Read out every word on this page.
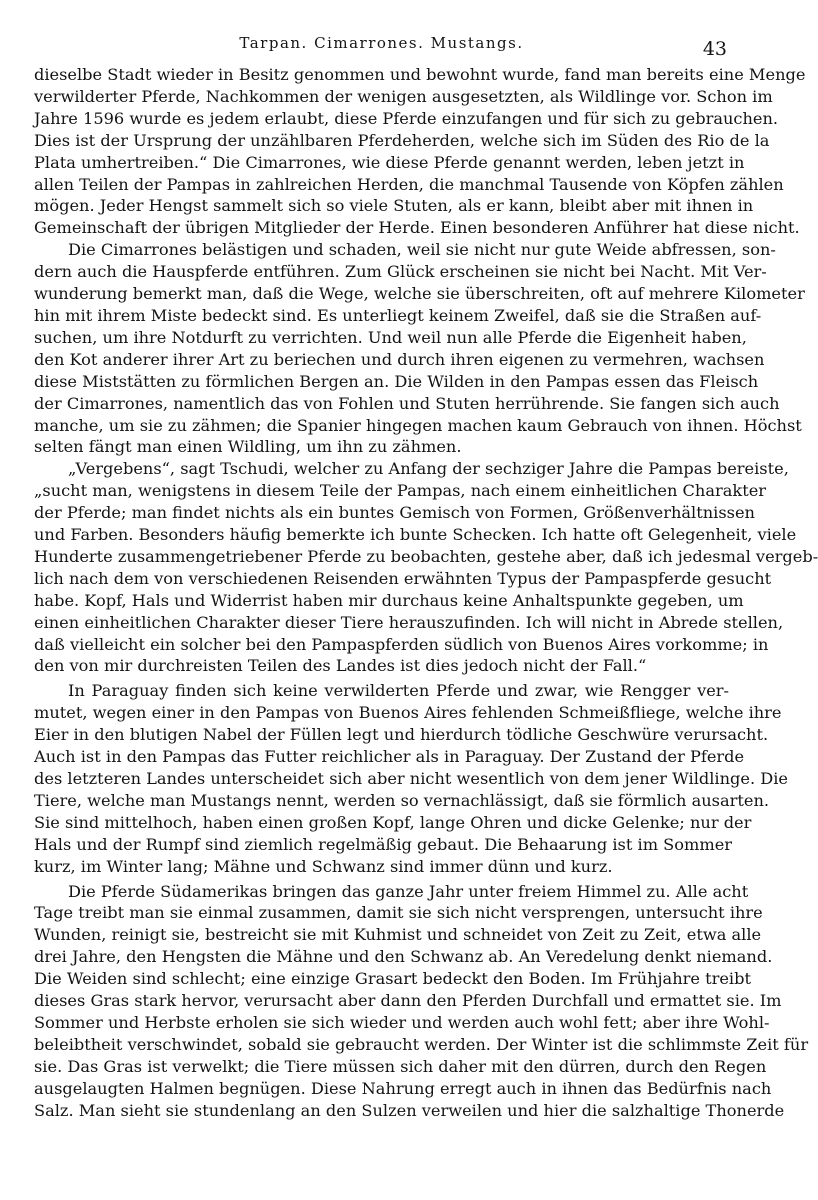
Tarpan. Cimarrones. Mustangs.	43
dieselbe Stadt wieder in Besitz genommen und bewohnt wurde, fand man bereits eine Menge
verwilderter Pferde, Nachkommen der wenigen ausgesetzten, als Wildlinge vor. Schon im
Jahre 1596 wurde es jedem erlaubt, diese Pferde einzufangen und für sich zu gebrauchen.
Dies ist der Ursprung der unzählbaren Pferdeherden, welche sich im Süden des Rio de la
Plata umhertreiben.“ Die Cimarrones, wie diese Pferde genannt werden, leben jetzt in
allen Teilen der Pampas in zahlreichen Herden, die manchmal Tausende von Köpfen zählen
mögen. Jeder Hengst sammelt sich so viele Stuten, als er kann, bleibt aber mit ihnen in
Gemeinschaft der übrigen Mitglieder der Herde. Einen besonderen Anführer hat diese nicht.
Die Cimarrones belästigen und schaden, weil sie nicht nur gute Weide abfressen, son-
dern auch die Hauspferde entführen. Zum Glück erscheinen sie nicht bei Nacht. Mit Ver-
wunderung bemerkt man, daß die Wege, welche sie überschreiten, oft auf mehrere Kilometer
hin mit ihrem Miste bedeckt sind. Es unterliegt keinem Zweifel, daß sie die Straßen auf-
suchen, um ihre Notdurft zu verrichten. Und weil nun alle Pferde die Eigenheit haben,
den Kot anderer ihrer Art zu beriechen und durch ihren eigenen zu vermehren, wachsen
diese Miststätten zu förmlichen Bergen an. Die Wilden in den Pampas essen das Fleisch
der Cimarrones, namentlich das von Fohlen und Stuten herrührende. Sie fangen sich auch
manche, um sie zu zähmen; die Spanier hingegen machen kaum Gebrauch von ihnen. Höchst
selten fängt man einen Wildling, um ihn zu zähmen.
„Vergebens“, sagt Tschudi, welcher zu Anfang der sechziger Jahre die Pampas bereiste,
„sucht man, wenigstens in diesem Teile der Pampas, nach einem einheitlichen Charakter
der Pferde; man findet nichts als ein buntes Gemisch von Formen, Größenverhältnissen
und Farben. Besonders häufig bemerkte ich bunte Schecken. Ich hatte oft Gelegenheit, viele
Hunderte zusammengetriebener Pferde zu beobachten, gestehe aber, daß ich jedesmal vergeb-
lich nach dem von verschiedenen Reisenden erwähnten Typus der Pampaspferde gesucht
habe. Kopf, Hals und Widerrist haben mir durchaus keine Anhaltspunkte gegeben, um
einen einheitlichen Charakter dieser Tiere herauszufinden. Ich will nicht in Abrede stellen,
daß vielleicht ein solcher bei den Pampaspferden südlich von Buenos Aires vorkomme; in
den von mir durchreisten Teilen des Landes ist dies jedoch nicht der Fall.“
In Paraguay finden sich keine verwilderten Pferde und zwar, wie Rengger ver-
mutet, wegen einer in den Pampas von Buenos Aires fehlenden Schmeißfliege, welche ihre
Eier in den blutigen Nabel der Füllen legt und hierdurch tödliche Geschwüre verursacht.
Auch ist in den Pampas das Futter reichlicher als in Paraguay. Der Zustand der Pferde
des letzteren Landes unterscheidet sich aber nicht wesentlich von dem jener Wildlinge. Die
Tiere, welche man Mustangs nennt, werden so vernachlässigt, daß sie förmlich ausarten.
Sie sind mittelhoch, haben einen großen Kopf, lange Ohren und dicke Gelenke; nur der
Hals und der Rumpf sind ziemlich regelmäßig gebaut. Die Behaarung ist im Sommer
kurz, im Winter lang; Mähne und Schwanz sind immer dünn und kurz.
Die Pferde Südamerikas bringen das ganze Jahr unter freiem Himmel zu. Alle acht
Tage treibt man sie einmal zusammen, damit sie sich nicht versprengen, untersucht ihre
Wunden, reinigt sie, bestreicht sie mit Kuhmist und schneidet von Zeit zu Zeit, etwa alle
drei Jahre, den Hengsten die Mähne und den Schwanz ab. An Veredelung denkt niemand.
Die Weiden sind schlecht; eine einzige Grasart bedeckt den Boden. Im Frühjahre treibt
dieses Gras stark hervor, verursacht aber dann den Pferden Durchfall und ermattet sie. Im
Sommer und Herbste erholen sie sich wieder und werden auch wohl fett; aber ihre Wohl-
beleibtheit verschwindet, sobald sie gebraucht werden. Der Winter ist die schlimmste Zeit für
sie. Das Gras ist verwelkt; die Tiere müssen sich daher mit den dürren, durch den Regen
ausgelaugten Halmen begnügen. Diese Nahrung erregt auch in ihnen das Bedürfnis nach
Salz. Man sieht sie stundenlang an den Sulzen verweilen und hier die salzhaltige Thonerde
